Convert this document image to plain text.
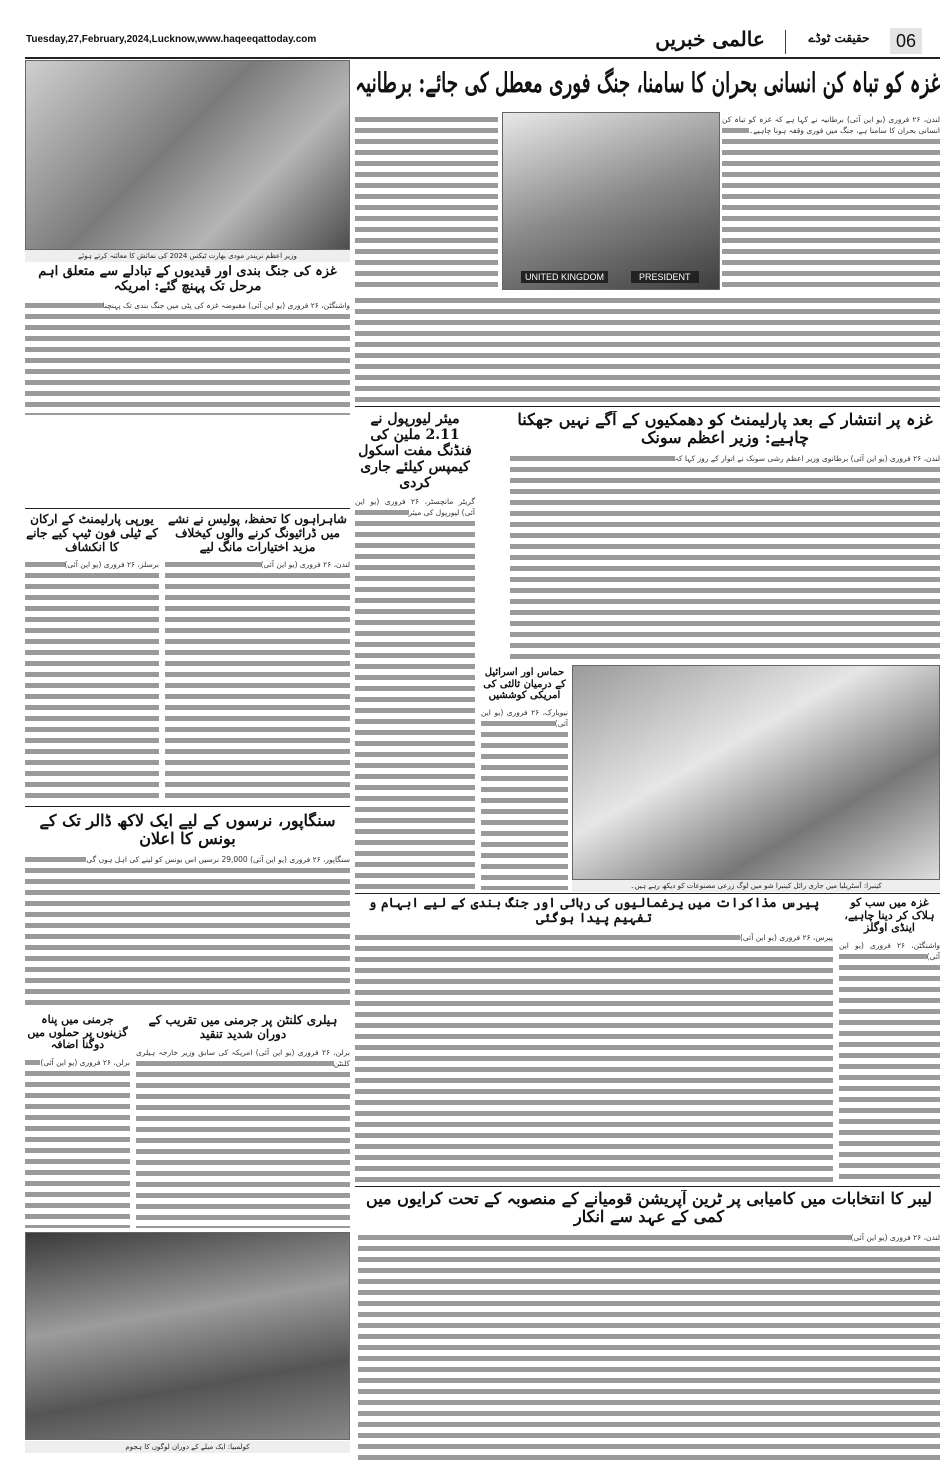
Tuesday,27,February,2024,Lucknow,www.haqeeqattoday.com	عالمی خبریں	حقیقت ٹوڈے	06
غزہ کو تباہ کن انسانی بحران کا سامنا، جنگ فوری معطل کی جائے: برطانیہ
وزیر اعظم نریندر مودی بھارت ٹیکس 2024 کی نمائش کا معائنہ کرتے ہوئے
غزہ کی جنگ بندی اور قیدیوں کے تبادلے سے متعلق اہم مرحل تک پہنچ گئے: امریکہ
واشنگٹن، ۲۶ فروری (یو این آئی) مقبوضہ غزہ کی پٹی میں جنگ بندی تک پہنچنا
UNITED KINGDOM	PRESIDENT
لندن، ۲۶ فروری (یو این آئی) برطانیہ نے کہا ہے کہ غزہ کو تباہ کن انسانی بحران کا سامنا ہے، جنگ میں فوری وقفہ ہونا چاہیے۔
غزہ پر انتشار کے بعد پارلیمنٹ کو دھمکیوں کے آگے نہیں جھکنا چاہیے: وزیر اعظم سونک
لندن، ۲۶ فروری (یو این آئی) برطانوی وزیر اعظم رشی سونک نے اتوار کے روز کہا کہ
میئر لیورپول نے 2.11 ملین کی فنڈنگ مفت اسکول کیمپس کیلئے جاری کردی
گریٹر مانچسٹر، ۲۶ فروری (یو این آئی) لیورپول کی میئر
حماس اور اسرائیل کے درمیان ثالثی کی امریکی کوششیں
نیویارک، ۲۶ فروری (یو این آئی)
کینبرا: آسٹریلیا میں جاری رائل کینبرا شو میں لوگ زرعی مصنوعات کو دیکھ رہے ہیں۔
شاہراہوں کا تحفظ، پولیس نے نشے میں ڈرائیونگ کرنے والوں کیخلاف مزید اختیارات مانگ لیے
لندن، ۲۶ فروری (یو این آئی)
یورپی پارلیمنٹ کے ارکان کے ٹیلی فون ٹیپ کیے جانے کا انکشاف
برسلز، ۲۶ فروری (یو این آئی)
سنگاپور، نرسوں کے لیے ایک لاکھ ڈالر تک کے بونس کا اعلان
سنگاپور، ۲۶ فروری (یو این آئی) 29,000 نرسیں اس بونس کو لینے کی اہل ہوں گی
ہیلری کلنٹن پر جرمنی میں تقریب کے دوران شدید تنقید
برلن، ۲۶ فروری (یو این آئی) امریکہ کی سابق وزیر خارجہ ہیلری کلنٹن
جرمنی میں پناہ گزینوں پر حملوں میں دوگنا اضافہ
برلن، ۲۶ فروری (یو این آئی)
کولمبیا: ایک میلے کے دوران لوگوں کا ہجوم
پیرس مذاکرات میں یرغمالیوں کی رہائی اور جنگ بندی کے لیے ابہام و تفہیم پیدا ہوگئی
پیرس، ۲۶ فروری (یو این آئی)
غزہ میں سب کو ہلاک کر دینا چاہیے، اینڈی اوگلز
واشنگٹن، ۲۶ فروری (یو این آئی)
لیبر کا انتخابات میں کامیابی پر ٹرین آپریشن قومیانے کے منصوبہ کے تحت کرایوں میں کمی کے عہد سے انکار
لندن، ۲۶ فروری (یو این آئی)
